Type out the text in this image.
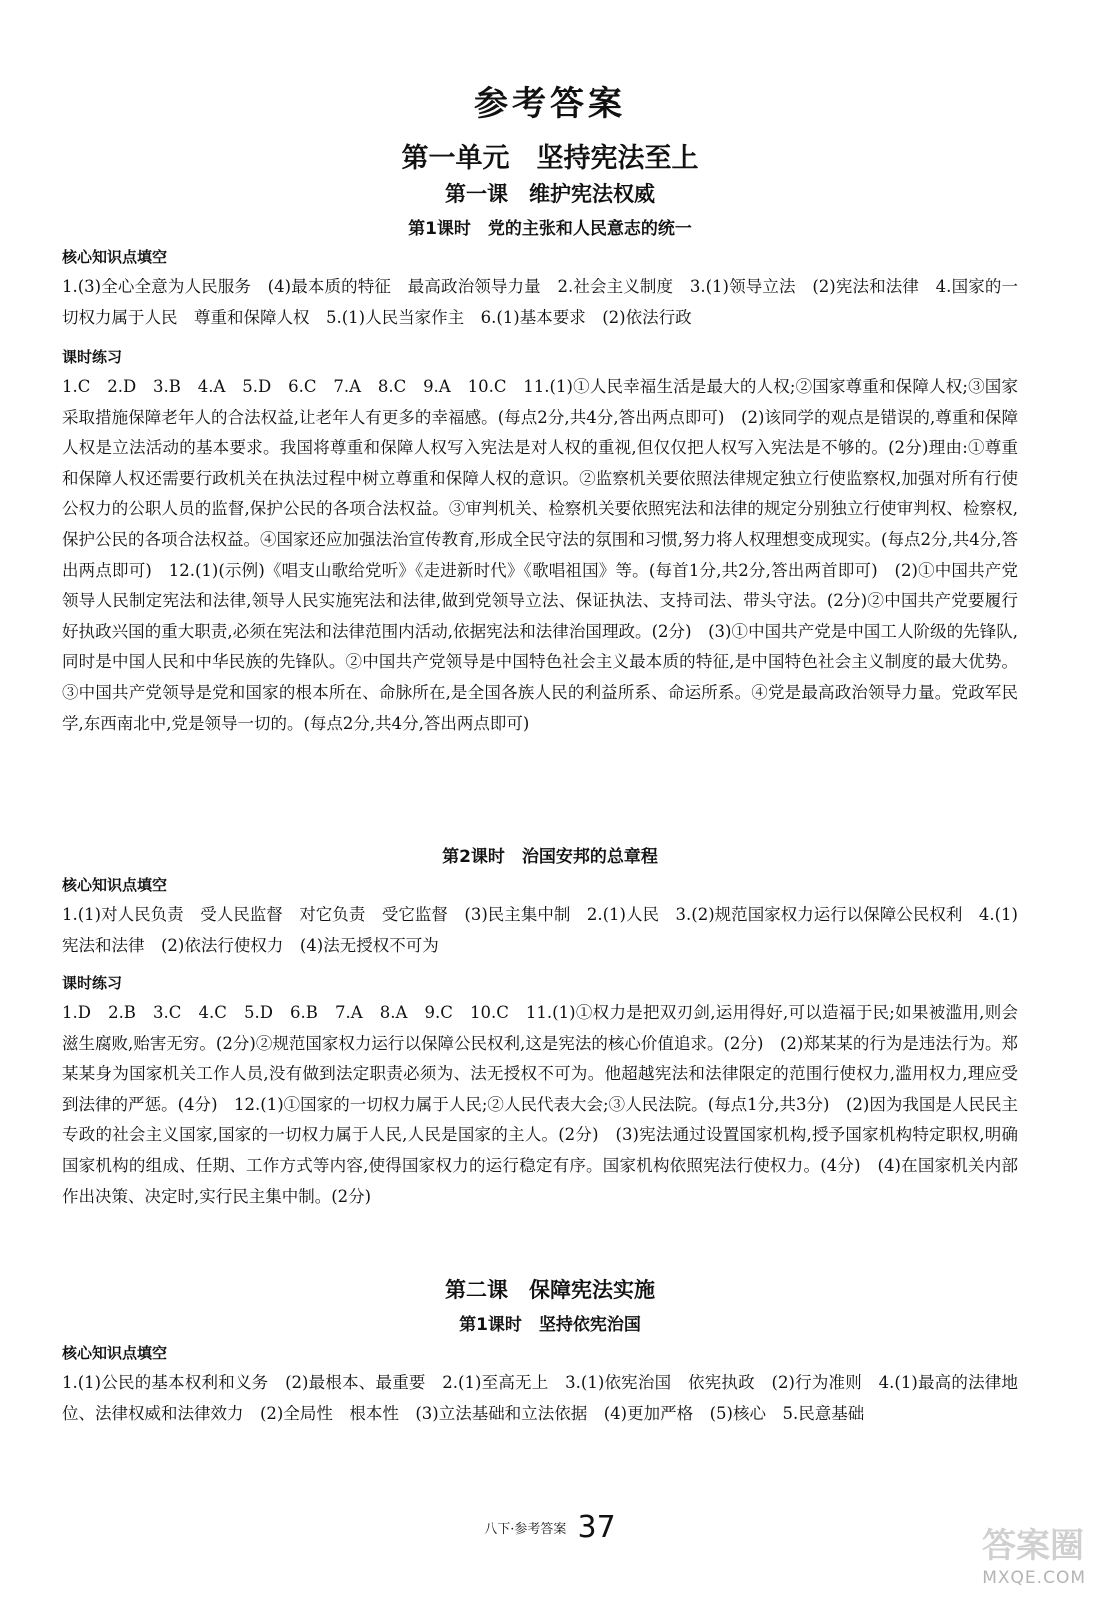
参考答案
第一单元　坚持宪法至上
第一课　维护宪法权威
第1课时　党的主张和人民意志的统一
核心知识点填空
1.(3)全心全意为人民服务　(4)最本质的特征　最高政治领导力量　2.社会主义制度　3.(1)领导立法　(2)宪法和法律　4.国家的一切权力属于人民　尊重和保障人权　5.(1)人民当家作主　6.(1)基本要求　(2)依法行政
课时练习
1.C　2.D　3.B　4.A　5.D　6.C　7.A　8.C　9.A　10.C　11.(1)①人民幸福生活是最大的人权;②国家尊重和保障人权;③国家采取措施保障老年人的合法权益,让老年人有更多的幸福感。(每点2分,共4分,答出两点即可)　(2)该同学的观点是错误的,尊重和保障人权是立法活动的基本要求。我国将尊重和保障人权写入宪法是对人权的重视,但仅仅把人权写入宪法是不够的。(2分)理由:①尊重和保障人权还需要行政机关在执法过程中树立尊重和保障人权的意识。②监察机关要依照法律规定独立行使监察权,加强对所有行使公权力的公职人员的监督,保护公民的各项合法权益。③审判机关、检察机关要依照宪法和法律的规定分别独立行使审判权、检察权,保护公民的各项合法权益。④国家还应加强法治宣传教育,形成全民守法的氛围和习惯,努力将人权理想变成现实。(每点2分,共4分,答出两点即可)　12.(1)(示例)《唱支山歌给党听》《走进新时代》《歌唱祖国》等。(每首1分,共2分,答出两首即可)　(2)①中国共产党领导人民制定宪法和法律,领导人民实施宪法和法律,做到党领导立法、保证执法、支持司法、带头守法。(2分)②中国共产党要履行好执政兴国的重大职责,必须在宪法和法律范围内活动,依据宪法和法律治国理政。(2分)　(3)①中国共产党是中国工人阶级的先锋队,同时是中国人民和中华民族的先锋队。②中国共产党领导是中国特色社会主义最本质的特征,是中国特色社会主义制度的最大优势。③中国共产党领导是党和国家的根本所在、命脉所在,是全国各族人民的利益所系、命运所系。④党是最高政治领导力量。党政军民学,东西南北中,党是领导一切的。(每点2分,共4分,答出两点即可)
第2课时　治国安邦的总章程
核心知识点填空
1.(1)对人民负责　受人民监督　对它负责　受它监督　(3)民主集中制　2.(1)人民　3.(2)规范国家权力运行以保障公民权利　4.(1)宪法和法律　(2)依法行使权力　(4)法无授权不可为
课时练习
1.D　2.B　3.C　4.C　5.D　6.B　7.A　8.A　9.C　10.C　11.(1)①权力是把双刃剑,运用得好,可以造福于民;如果被滥用,则会滋生腐败,贻害无穷。(2分)②规范国家权力运行以保障公民权利,这是宪法的核心价值追求。(2分)　(2)郑某某的行为是违法行为。郑某某身为国家机关工作人员,没有做到法定职责必须为、法无授权不可为。他超越宪法和法律限定的范围行使权力,滥用权力,理应受到法律的严惩。(4分)　12.(1)①国家的一切权力属于人民;②人民代表大会;③人民法院。(每点1分,共3分)　(2)因为我国是人民民主专政的社会主义国家,国家的一切权力属于人民,人民是国家的主人。(2分)　(3)宪法通过设置国家机构,授予国家机构特定职权,明确国家机构的组成、任期、工作方式等内容,使得国家权力的运行稳定有序。国家机构依照宪法行使权力。(4分)　(4)在国家机关内部作出决策、决定时,实行民主集中制。(2分)
第二课　保障宪法实施
第1课时　坚持依宪治国
核心知识点填空
1.(1)公民的基本权利和义务　(2)最根本、最重要　2.(1)至高无上　3.(1)依宪治国　依宪执政　(2)行为准则　4.(1)最高的法律地位、法律权威和法律效力　(2)全局性　根本性　(3)立法基础和立法依据　(4)更加严格　(5)核心　5.民意基础
八下·参考答案 37	答案圈
MXQE.COM
